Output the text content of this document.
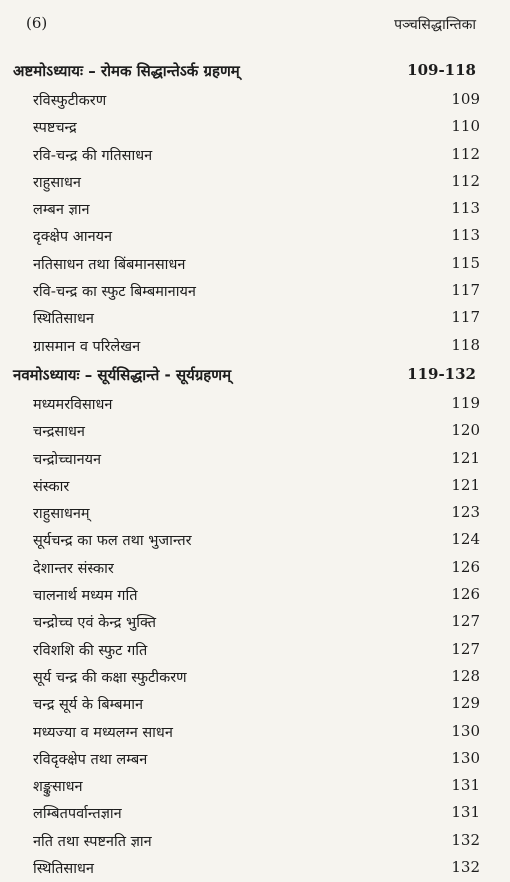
(6)	पञ्चसिद्धान्तिका
अष्टमोऽध्यायः – रोमक सिद्धान्तेऽर्क ग्रहणम्	109-118
रविस्फुटीकरण	109
स्पष्टचन्द्र	110
रवि-चन्द्र की गतिसाधन	112
राहुसाधन	112
लम्बन ज्ञान	113
दृक्क्षेप आनयन	113
नतिसाधन तथा बिंबमानसाधन	115
रवि-चन्द्र का स्फुट बिम्बमानायन	117
स्थितिसाधन	117
ग्रासमान व परिलेखन	118
नवमोऽध्यायः – सूर्यसिद्धान्ते - सूर्यग्रहणम्	119-132
मध्यमरविसाधन	119
चन्द्रसाधन	120
चन्द्रोच्चानयन	121
संस्कार	121
राहुसाधनम्	123
सूर्यचन्द्र का फल तथा भुजान्तर	124
देशान्तर संस्कार	126
चालनार्थ मध्यम गति	126
चन्द्रोच्च एवं केन्द्र भुक्ति	127
रविशशि की स्फुट गति	127
सूर्य चन्द्र की कक्षा स्फुटीकरण	128
चन्द्र सूर्य के बिम्बमान	129
मध्यज्या व मध्यलग्न साधन	130
रविदृक्क्षेप तथा लम्बन	130
शङ्कुसाधन	131
लम्बितपर्वान्तज्ञान	131
नति तथा स्पष्टनति ज्ञान	132
स्थितिसाधन	132
